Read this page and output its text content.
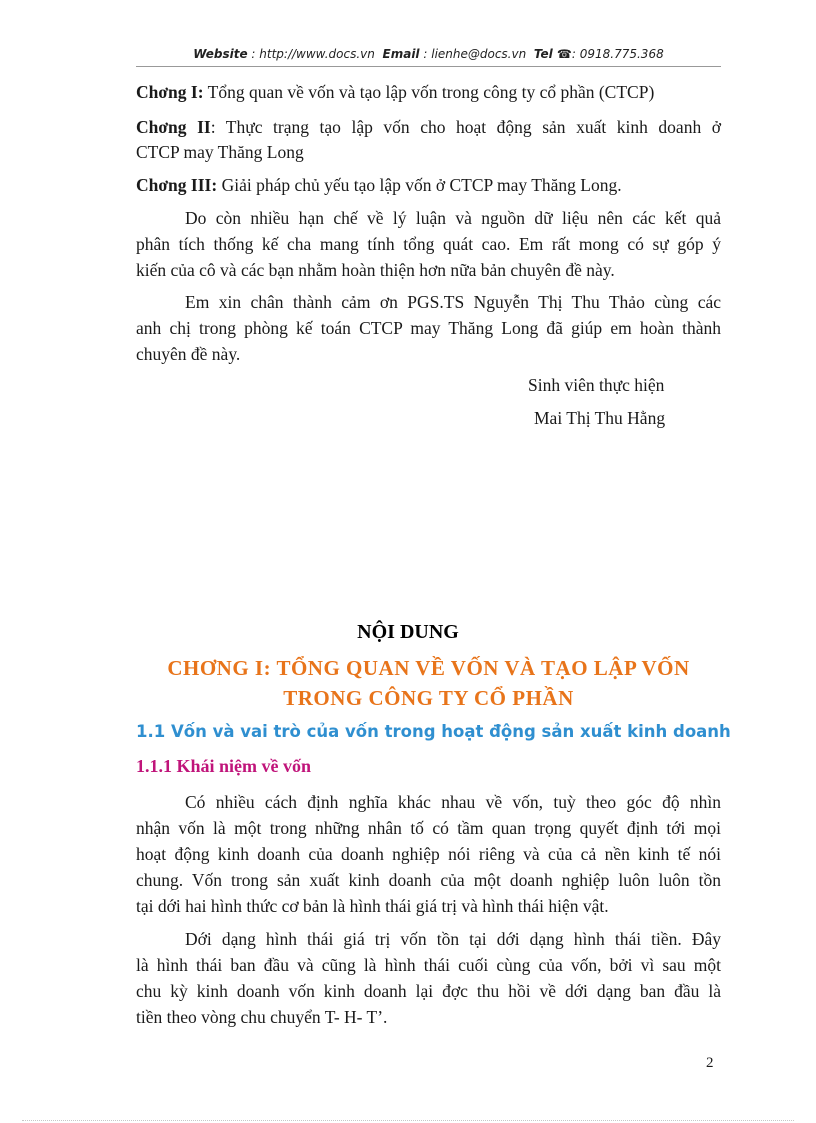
Website : http://www.docs.vn Email : lienhe@docs.vn Tel ☎: 0918.775.368
Chơng I: Tổng quan về vốn và tạo lập vốn trong công ty cổ phần (CTCP)
Chơng II: Thực trạng tạo lập vốn cho hoạt động sản xuất kinh doanh ở
CTCP may Thăng Long
Chơng III: Giải pháp chủ yếu tạo lập vốn ở CTCP may Thăng Long.
Do còn nhiều hạn chế về lý luận và nguồn dữ liệu nên các kết quả
phân tích thống kế cha mang tính tổng quát cao. Em rất mong có sự góp ý
kiến của cô và các bạn nhằm hoàn thiện hơn nữa bản chuyên đề này.
Em xin chân thành cảm ơn PGS.TS Nguyễn Thị Thu Thảo cùng các
anh chị trong phòng kế toán CTCP may Thăng Long đã giúp em hoàn thành
chuyên đề này.
Sinh viên thực hiện
Mai Thị Thu Hằng
NỘI DUNG
CHƠNG I: TỔNG QUAN VỀ VỐN VÀ TẠO LẬP VỐN
TRONG CÔNG TY CỔ PHẦN
1.1 Vốn và vai trò của vốn trong hoạt động sản xuất kinh doanh
1.1.1 Khái niệm về vốn
Có nhiều cách định nghĩa khác nhau về vốn, tuỳ theo góc độ nhìn
nhận vốn là một trong những nhân tố có tầm quan trọng quyết định tới mọi
hoạt động kinh doanh của doanh nghiệp nói riêng và của cả nền kinh tế nói
chung. Vốn trong sản xuất kinh doanh của một doanh nghiệp luôn luôn tồn
tại dới hai hình thức cơ bản là hình thái giá trị và hình thái hiện vật.
Dới dạng hình thái giá trị vốn tồn tại dới dạng hình thái tiền. Đây
là hình thái ban đầu và cũng là hình thái cuối cùng của vốn, bởi vì sau một
chu kỳ kinh doanh vốn kinh doanh lại đợc thu hồi về dới dạng ban đầu là
tiền theo vòng chu chuyển T- H- T’.
2
